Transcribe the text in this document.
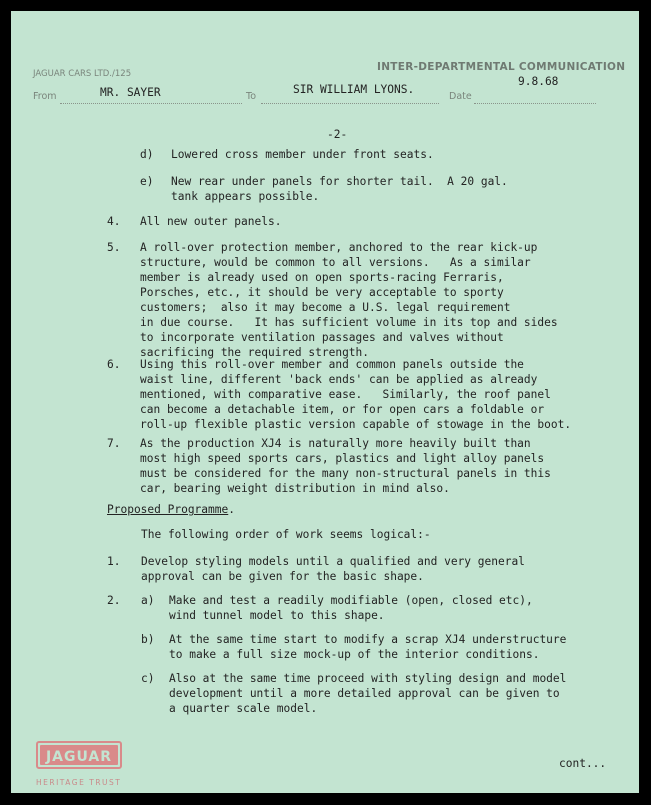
JAGUAR CARS LTD./125
INTER-DEPARTMENTAL COMMUNICATION
From	MR. SAYER	To
SIR WILLIAM LYONS.
Date
9.8.68
-2-
d) Lowered cross member under front seats.
e) New rear under panels for shorter tail.  A 20 gal.
tank appears possible.
4. All new outer panels.
5. A roll-over protection member, anchored to the rear kick-up
structure, would be common to all versions.   As a similar
member is already used on open sports-racing Ferraris,
Porsches, etc., it should be very acceptable to sporty
customers;  also it may become a U.S. legal requirement
in due course.   It has sufficient volume in its top and sides
to incorporate ventilation passages and valves without
sacrificing the required strength.
6. Using this roll-over member and common panels outside the
waist line, different 'back ends' can be applied as already
mentioned, with comparative ease.   Similarly, the roof panel
can become a detachable item, or for open cars a foldable or
roll-up flexible plastic version capable of stowage in the boot.
7. As the production XJ4 is naturally more heavily built than
most high speed sports cars, plastics and light alloy panels
must be considered for the many non-structural panels in this
car, bearing weight distribution in mind also.
Proposed Programme.
The following order of work seems logical:-
1. Develop styling models until a qualified and very general
approval can be given for the basic shape.
2. a) Make and test a readily modifiable (open, closed etc),
wind tunnel model to this shape.
b) At the same time start to modify a scrap XJ4 understructure
to make a full size mock-up of the interior conditions.
c) Also at the same time proceed with styling design and model
development until a more detailed approval can be given to
a quarter scale model.
cont...
JAGUAR
HERITAGE TRUST
